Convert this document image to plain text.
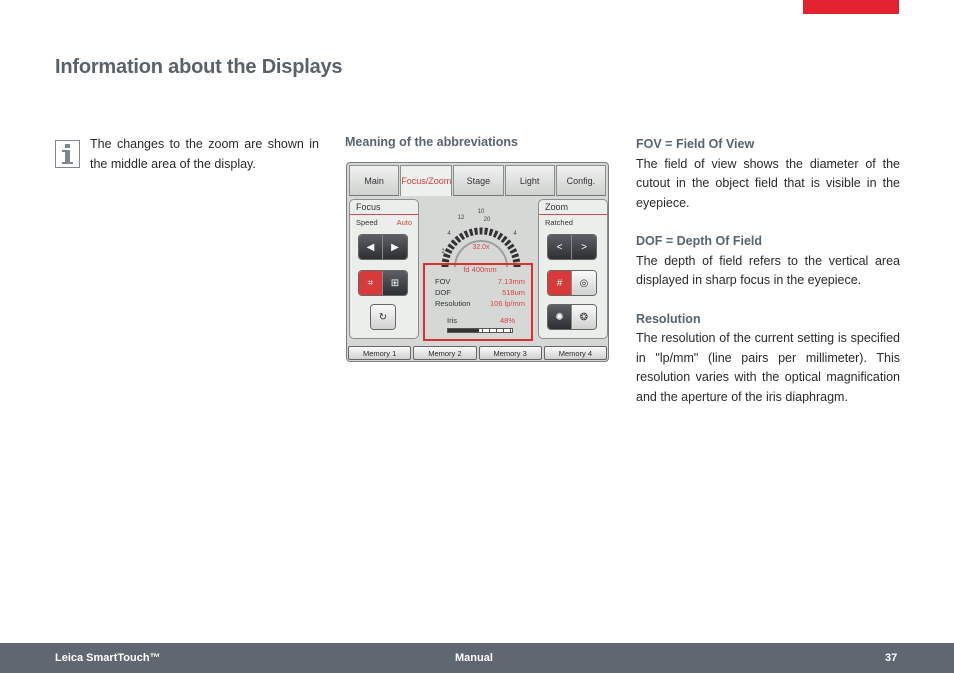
Information about the Displays

The changes to the zoom are shown in the middle area of the display.

Meaning of the abbreviations
Main	Focus/Zoom	Stage	Light	Config.
Focus
Speed	Auto
◀	▶
⌗	⊞
↻
Zoom
Ratched
<	>
#	◎
✺	❂
10
12	20
4	4
2
32.0x
fd 400mm
FOV	7.13mm
DOF	518um
Resolution	106 lp/mm
Iris	48%
Memory 1	Memory 2	Memory 3	Memory 4
FOV = Field Of View

The field of view shows the diameter of the cutout in the object field that is visible in the eyepiece.

DOF = Depth Of Field

The depth of field refers to the vertical area displayed in sharp focus in the eyepiece.

Resolution

The resolution of the current setting is specified in "lp/mm" (line pairs per millimeter). This resolution varies with the optical magnification and the aperture of the iris diaphragm.

Leica SmartTouch™	Manual	37
